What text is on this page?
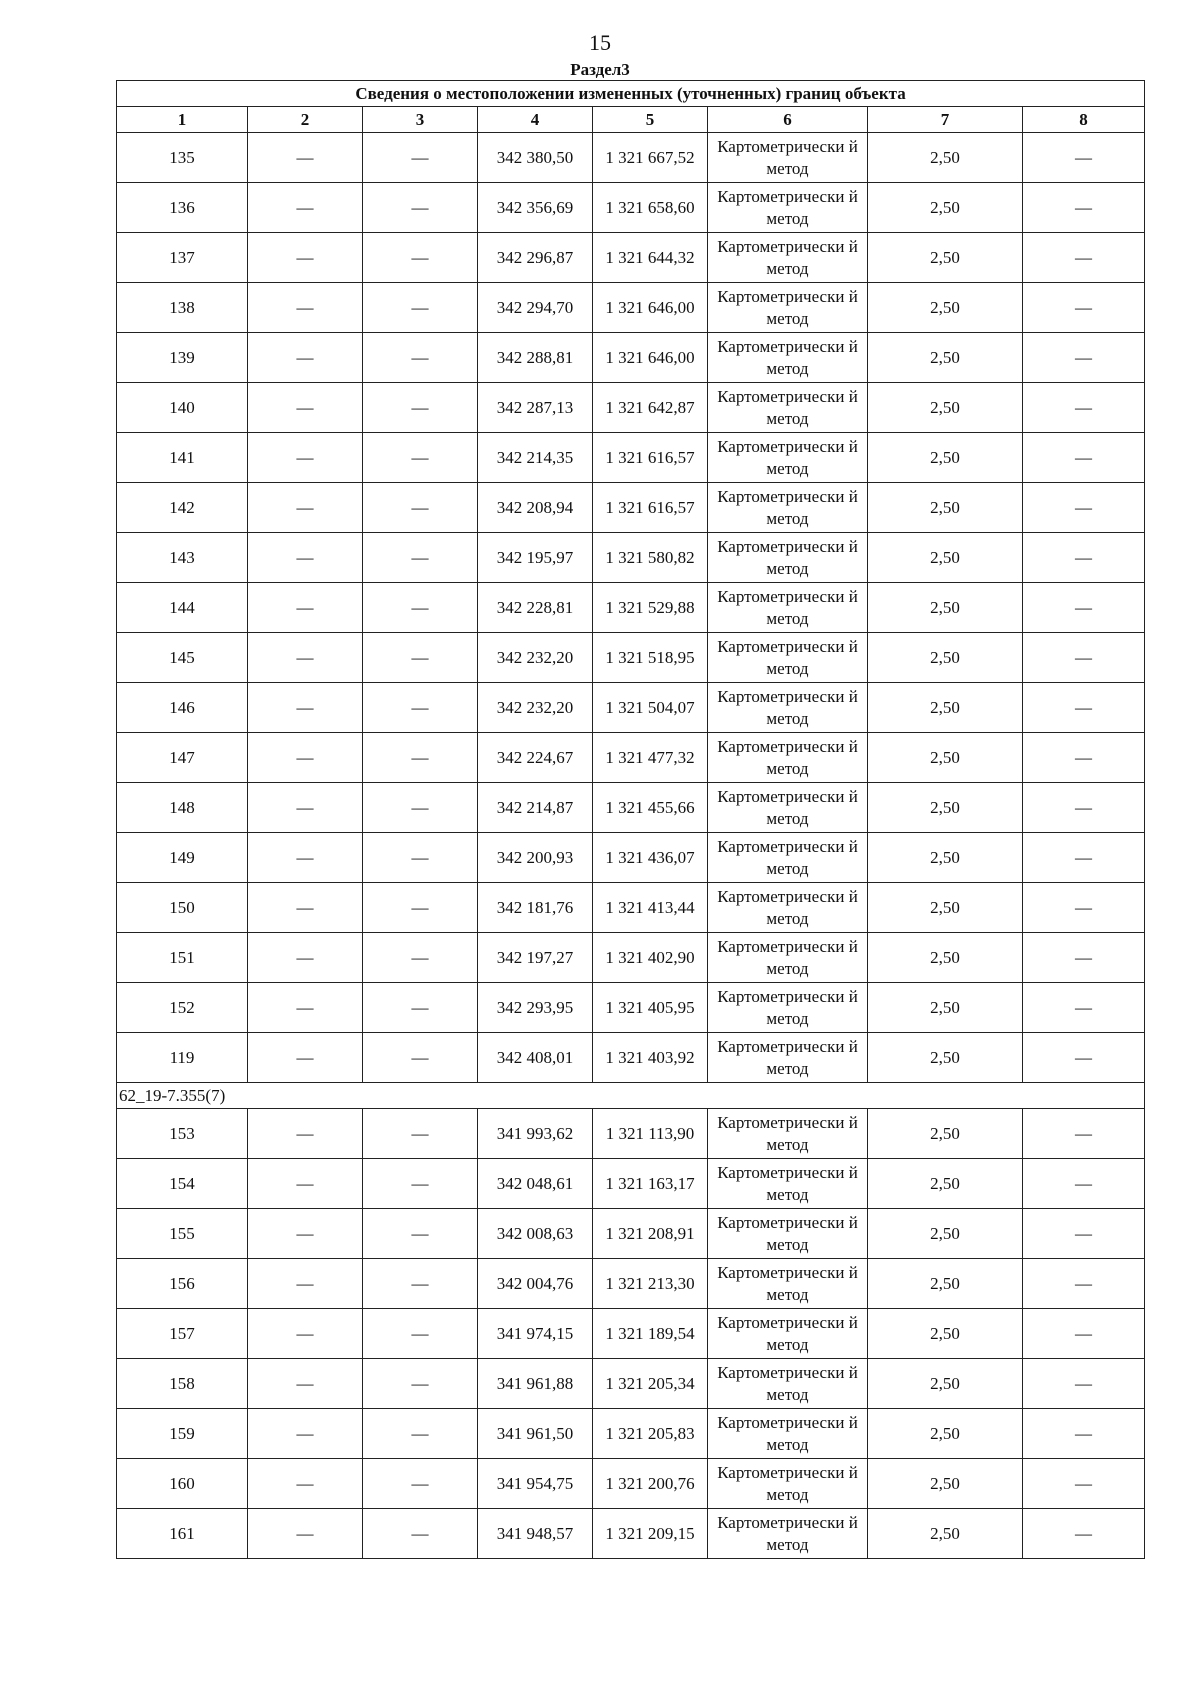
15
Раздел3
Сведения о местоположении измененных (уточненных) границ объекта							
1	2	3	4	5	6	7	8
135	—	—	342 380,50	1 321 667,52	Картометрически й метод	2,50	—
136	—	—	342 356,69	1 321 658,60	Картометрически й метод	2,50	—
137	—	—	342 296,87	1 321 644,32	Картометрически й метод	2,50	—
138	—	—	342 294,70	1 321 646,00	Картометрически й метод	2,50	—
139	—	—	342 288,81	1 321 646,00	Картометрически й метод	2,50	—
140	—	—	342 287,13	1 321 642,87	Картометрически й метод	2,50	—
141	—	—	342 214,35	1 321 616,57	Картометрически й метод	2,50	—
142	—	—	342 208,94	1 321 616,57	Картометрически й метод	2,50	—
143	—	—	342 195,97	1 321 580,82	Картометрически й метод	2,50	—
144	—	—	342 228,81	1 321 529,88	Картометрически й метод	2,50	—
145	—	—	342 232,20	1 321 518,95	Картометрически й метод	2,50	—
146	—	—	342 232,20	1 321 504,07	Картометрически й метод	2,50	—
147	—	—	342 224,67	1 321 477,32	Картометрически й метод	2,50	—
148	—	—	342 214,87	1 321 455,66	Картометрически й метод	2,50	—
149	—	—	342 200,93	1 321 436,07	Картометрически й метод	2,50	—
150	—	—	342 181,76	1 321 413,44	Картометрически й метод	2,50	—
151	—	—	342 197,27	1 321 402,90	Картометрически й метод	2,50	—
152	—	—	342 293,95	1 321 405,95	Картометрически й метод	2,50	—
119	—	—	342 408,01	1 321 403,92	Картометрически й метод	2,50	—
62_19-7.355(7)							
153	—	—	341 993,62	1 321 113,90	Картометрически й метод	2,50	—
154	—	—	342 048,61	1 321 163,17	Картометрически й метод	2,50	—
155	—	—	342 008,63	1 321 208,91	Картометрически й метод	2,50	—
156	—	—	342 004,76	1 321 213,30	Картометрически й метод	2,50	—
157	—	—	341 974,15	1 321 189,54	Картометрически й метод	2,50	—
158	—	—	341 961,88	1 321 205,34	Картометрически й метод	2,50	—
159	—	—	341 961,50	1 321 205,83	Картометрически й метод	2,50	—
160	—	—	341 954,75	1 321 200,76	Картометрически й метод	2,50	—
161	—	—	341 948,57	1 321 209,15	Картометрически й метод	2,50	—
